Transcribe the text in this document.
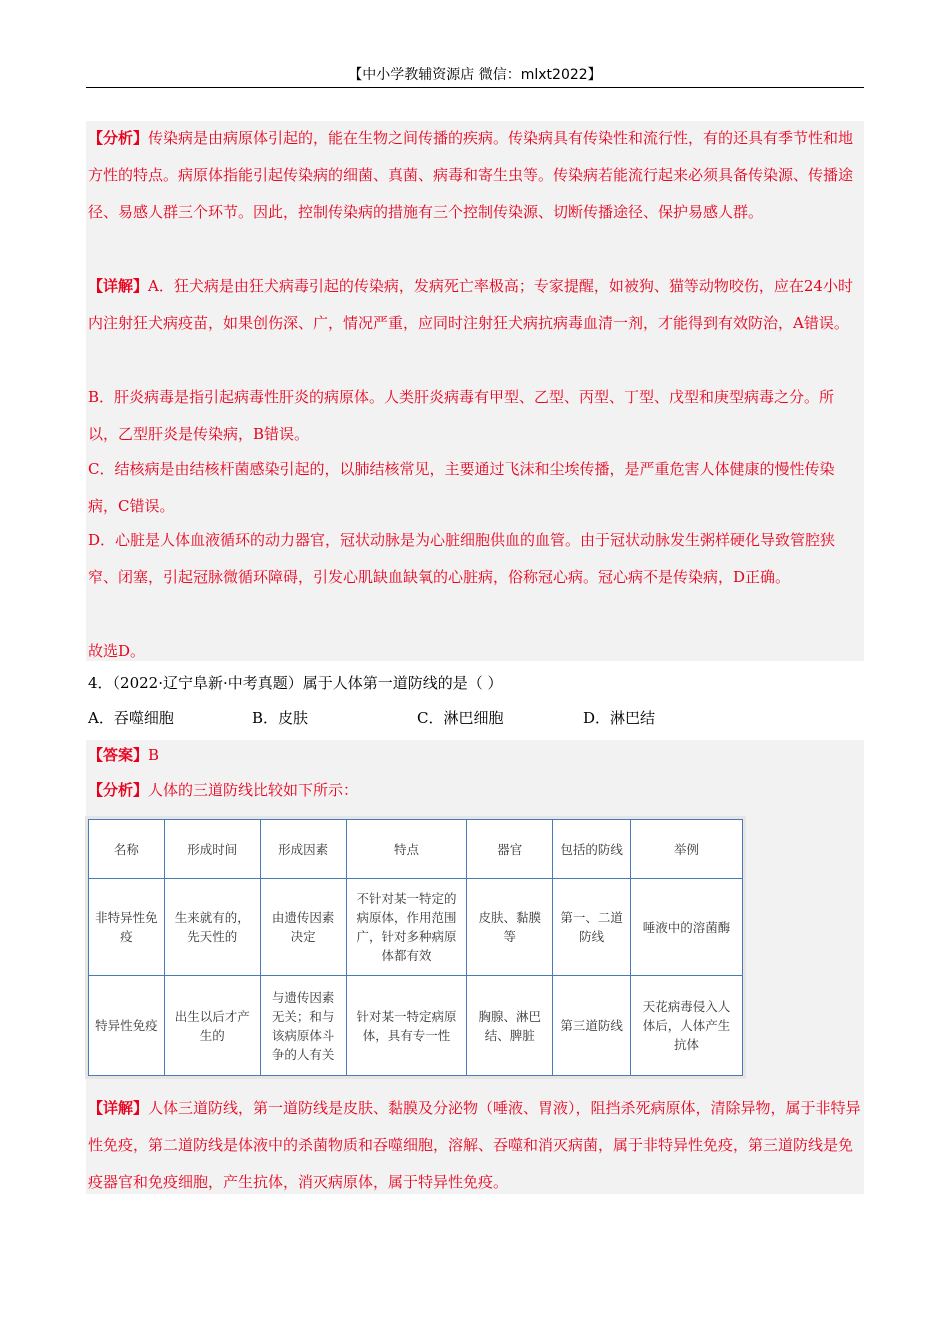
【中小学教辅资源店 微信：mlxt2022】
【分析】传染病是由病原体引起的，能在生物之间传播的疾病。传染病具有传染性和流行性，有的还具有季节性和地方性的特点。病原体指能引起传染病的细菌、真菌、病毒和寄生虫等。传染病若能流行起来必须具备传染源、传播途径、易感人群三个环节。因此，控制传染病的措施有三个控制传染源、切断传播途径、保护易感人群。
【详解】A．狂犬病是由狂犬病毒引起的传染病，发病死亡率极高；专家提醒，如被狗、猫等动物咬伤，应在24小时内注射狂犬病疫苗，如果创伤深、广，情况严重，应同时注射狂犬病抗病毒血清一剂，才能得到有效防治，A错误。
B．肝炎病毒是指引起病毒性肝炎的病原体。人类肝炎病毒有甲型、乙型、丙型、丁型、戊型和庚型病毒之分。所以，乙型肝炎是传染病，B错误。
C．结核病是由结核杆菌感染引起的，以肺结核常见，主要通过飞沫和尘埃传播，是严重危害人体健康的慢性传染病，C错误。
D．心脏是人体血液循环的动力器官，冠状动脉是为心脏细胞供血的血管。由于冠状动脉发生粥样硬化导致管腔狭窄、闭塞，引起冠脉微循环障碍，引发心肌缺血缺氧的心脏病，俗称冠心病。冠心病不是传染病，D正确。
故选D。
4．（2022·辽宁阜新·中考真题）属于人体第一道防线的是（ ）
A．吞噬细胞	B．皮肤	C．淋巴细胞	D．淋巴结
【答案】B
【分析】人体的三道防线比较如下所示：
名称	形成时间	形成因素	特点	器官	包括的防线	举例
非特异性免疫	生来就有的，先天性的	由遗传因素决定	不针对某一特定的病原体，作用范围广，针对多种病原体都有效	皮肤、黏膜等	第一、二道防线	唾液中的溶菌酶
特异性免疫	出生以后才产生的	与遗传因素无关；和与该病原体斗争的人有关	针对某一特定病原体，具有专一性	胸腺、淋巴结、脾脏	第三道防线	天花病毒侵入人体后，人体产生抗体
【详解】人体三道防线，第一道防线是皮肤、黏膜及分泌物（唾液、胃液），阻挡杀死病原体，清除异物，属于非特异性免疫，第二道防线是体液中的杀菌物质和吞噬细胞，溶解、吞噬和消灭病菌，属于非特异性免疫，第三道防线是免疫器官和免疫细胞，产生抗体，消灭病原体，属于特异性免疫。
